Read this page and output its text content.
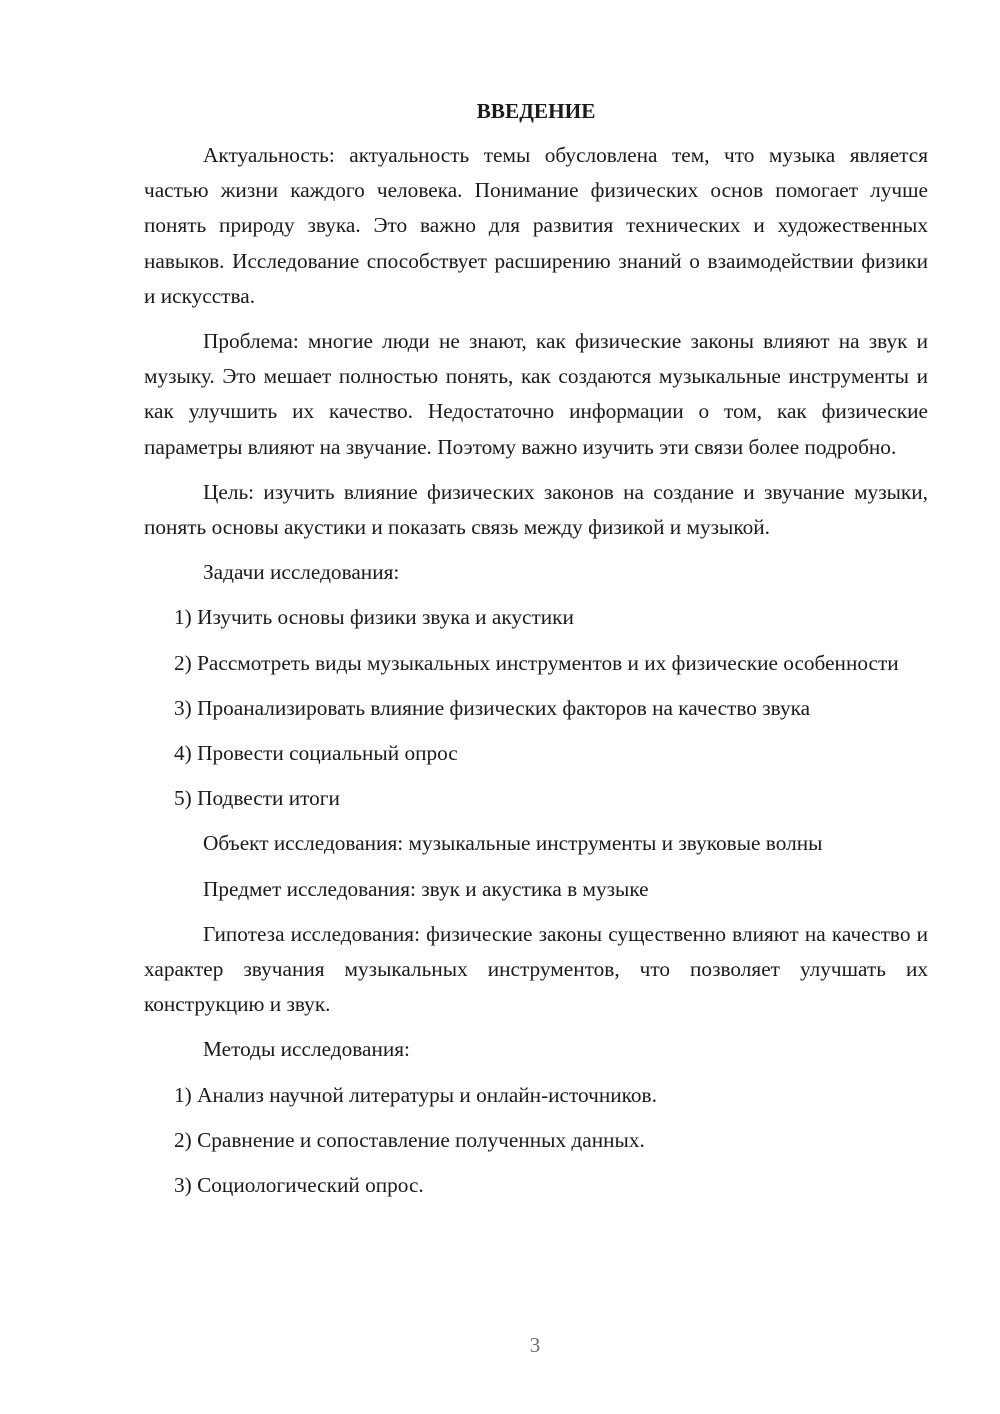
ВВЕДЕНИЕ

Актуальность: актуальность темы обусловлена тем, что музыка является частью жизни каждого человека. Понимание физических основ помогает лучше понять природу звука. Это важно для развития технических и художественных навыков. Исследование способствует расширению знаний о взаимодействии физики и искусства.

Проблема: многие люди не знают, как физические законы влияют на звук и музыку. Это мешает полностью понять, как создаются музыкальные инструменты и как улучшить их качество. Недостаточно информации о том, как физические параметры влияют на звучание. Поэтому важно изучить эти связи более подробно.

Цель: изучить влияние физических законов на создание и звучание музыки, понять основы акустики и показать связь между физикой и музыкой.

Задачи исследования:

1) Изучить основы физики звука и акустики

2) Рассмотреть виды музыкальных инструментов и их физические особенности

3) Проанализировать влияние физических факторов на качество звука

4) Провести социальный опрос

5) Подвести итоги

Объект исследования: музыкальные инструменты и звуковые волны

Предмет исследования: звук и акустика в музыке

Гипотеза исследования: физические законы существенно влияют на качество и характер звучания музыкальных инструментов, что позволяет улучшать их конструкцию и звук.

Методы исследования:

1) Анализ научной литературы и онлайн-источников.

2) Сравнение и сопоставление полученных данных.

3) Социологический опрос.

3
